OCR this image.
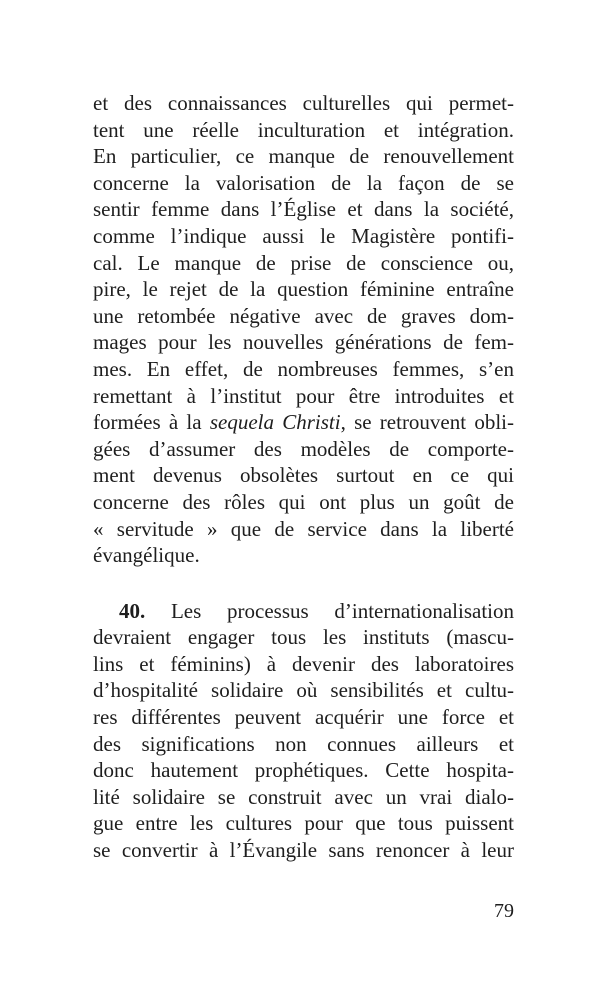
et des connaissances culturelles qui permet-
tent une réelle inculturation et intégration.
En particulier, ce manque de renouvellement
concerne la valorisation de la façon de se
sentir femme dans l’Église et dans la société,
comme l’indique aussi le Magistère pontifi-
cal. Le manque de prise de conscience ou,
pire, le rejet de la question féminine entraîne
une retombée négative avec de graves dom-
mages pour les nouvelles générations de fem-
mes. En effet, de nombreuses femmes, s’en
remettant à l’institut pour être introduites et
formées à la sequela Christi, se retrouvent obli-
gées d’assumer des modèles de comporte-
ment devenus obsolètes surtout en ce qui
concerne des rôles qui ont plus un goût de
« servitude » que de service dans la liberté
évangélique.
40. Les processus d’internationalisation
devraient engager tous les instituts (mascu-
lins et féminins) à devenir des laboratoires
d’hospitalité solidaire où sensibilités et cultu-
res différentes peuvent acquérir une force et
des significations non connues ailleurs et
donc hautement prophétiques. Cette hospita-
lité solidaire se construit avec un vrai dialo-
gue entre les cultures pour que tous puissent
se convertir à l’Évangile sans renoncer à leur
79
